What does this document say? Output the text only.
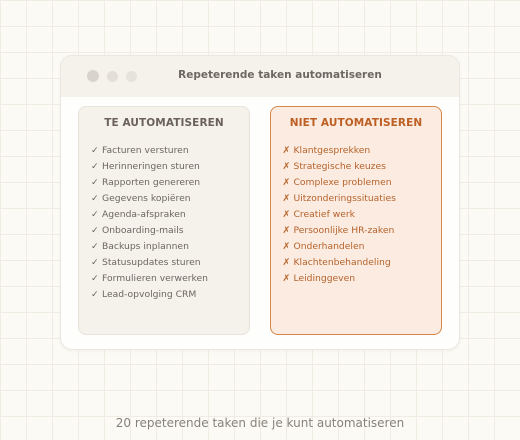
Repeterende taken automatiseren
TE AUTOMATISEREN
✓ Facturen versturen
✓ Herinneringen sturen
✓ Rapporten genereren
✓ Gegevens kopiëren
✓ Agenda-afspraken
✓ Onboarding-mails
✓ Backups inplannen
✓ Statusupdates sturen
✓ Formulieren verwerken
✓ Lead-opvolging CRM
NIET AUTOMATISEREN
✗ Klantgesprekken
✗ Strategische keuzes
✗ Complexe problemen
✗ Uitzonderingssituaties
✗ Creatief werk
✗ Persoonlijke HR-zaken
✗ Onderhandelen
✗ Klachtenbehandeling
✗ Leidinggeven
20 repeterende taken die je kunt automatiseren
